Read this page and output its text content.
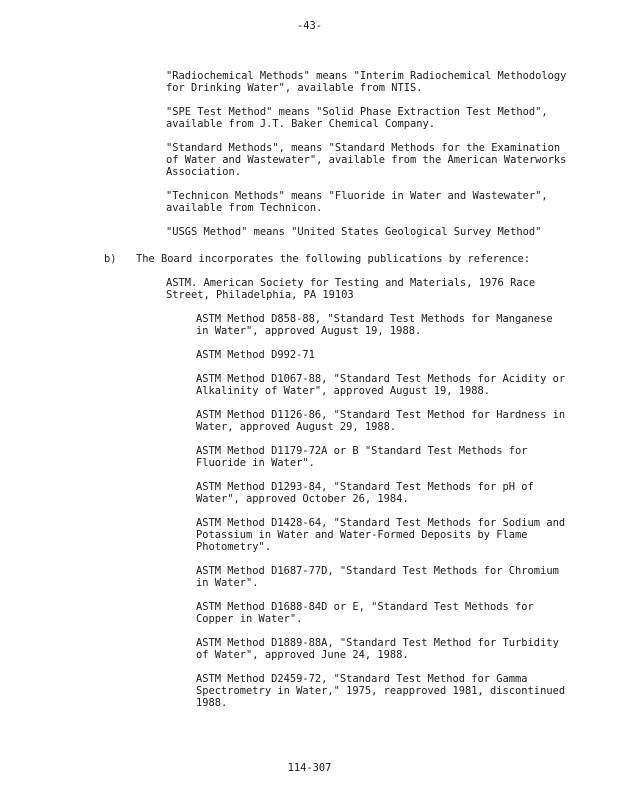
-43-

"Radiochemical Methods" means "Interim Radiochemical Methodology
for Drinking Water", available from NTIS.

"SPE Test Method" means "Solid Phase Extraction Test Method",
available from J.T. Baker Chemical Company.

"Standard Methods", means "Standard Methods for the Examination
of Water and Wastewater", available from the American Waterworks
Association.

"Technicon Methods" means "Fluoride in Water and Wastewater",
available from Technicon.

"USGS Method" means "United States Geological Survey Method"

b) The Board incorporates the following publications by reference:
ASTM. American Society for Testing and Materials, 1976 Race
Street, Philadelphia, PA 19103

ASTM Method D858-88, "Standard Test Methods for Manganese
in Water", approved August 19, 1988.

ASTM Method D992-71

ASTM Method D1067-88, "Standard Test Methods for Acidity or
Alkalinity of Water", approved August 19, 1988.

ASTM Method D1126-86, "Standard Test Method for Hardness in
Water, approved August 29, 1988.

ASTM Method D1179-72A or B "Standard Test Methods for
Fluoride in Water".

ASTM Method D1293-84, "Standard Test Methods for pH of
Water", approved October 26, 1984.

ASTM Method D1428-64, "Standard Test Methods for Sodium and
Potassium in Water and Water-Formed Deposits by Flame
Photometry".

ASTM Method D1687-77D, "Standard Test Methods for Chromium
in Water".

ASTM Method D1688-84D or E, "Standard Test Methods for
Copper in Water".

ASTM Method D1889-88A, "Standard Test Method for Turbidity
of Water", approved June 24, 1988.

ASTM Method D2459-72, "Standard Test Method for Gamma
Spectrometry in Water," 1975, reapproved 1981, discontinued
1988.

114-307
